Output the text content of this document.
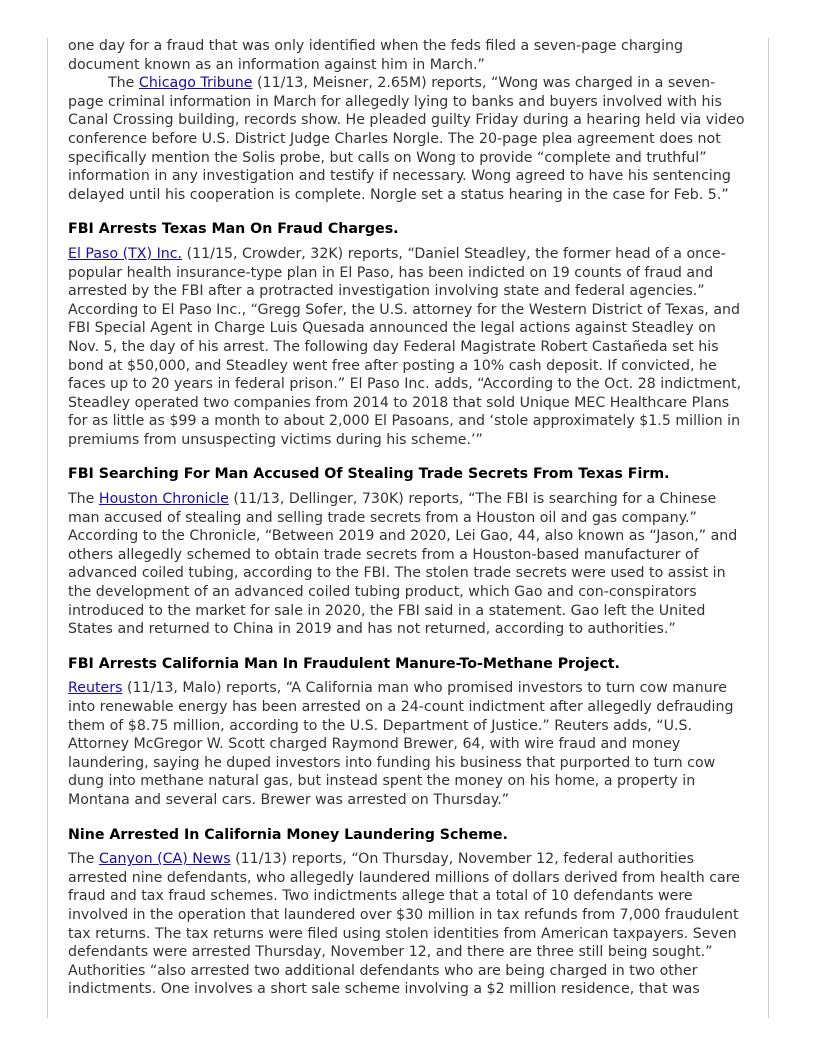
one day for a fraud that was only identified when the feds filed a seven-page charging document known as an information against him in March.”

The Chicago Tribune (11/13, Meisner, 2.65M) reports, “Wong was charged in a seven-page criminal information in March for allegedly lying to banks and buyers involved with his Canal Crossing building, records show. He pleaded guilty Friday during a hearing held via video conference before U.S. District Judge Charles Norgle. The 20-page plea agreement does not specifically mention the Solis probe, but calls on Wong to provide “complete and truthful” information in any investigation and testify if necessary. Wong agreed to have his sentencing delayed until his cooperation is complete. Norgle set a status hearing in the case for Feb. 5.”

FBI Arrests Texas Man On Fraud Charges.

El Paso (TX) Inc. (11/15, Crowder, 32K) reports, “Daniel Steadley, the former head of a once-popular health insurance-type plan in El Paso, has been indicted on 19 counts of fraud and arrested by the FBI after a protracted investigation involving state and federal agencies.” According to El Paso Inc., “Gregg Sofer, the U.S. attorney for the Western District of Texas, and FBI Special Agent in Charge Luis Quesada announced the legal actions against Steadley on Nov. 5, the day of his arrest. The following day Federal Magistrate Robert Castañeda set his bond at $50,000, and Steadley went free after posting a 10% cash deposit. If convicted, he faces up to 20 years in federal prison.” El Paso Inc. adds, “According to the Oct. 28 indictment, Steadley operated two companies from 2014 to 2018 that sold Unique MEC Healthcare Plans for as little as $99 a month to about 2,000 El Pasoans, and ‘stole approximately $1.5 million in premiums from unsuspecting victims during his scheme.’”

FBI Searching For Man Accused Of Stealing Trade Secrets From Texas Firm.

The Houston Chronicle (11/13, Dellinger, 730K) reports, “The FBI is searching for a Chinese man accused of stealing and selling trade secrets from a Houston oil and gas company.” According to the Chronicle, “Between 2019 and 2020, Lei Gao, 44, also known as “Jason,” and others allegedly schemed to obtain trade secrets from a Houston-based manufacturer of advanced coiled tubing, according to the FBI. The stolen trade secrets were used to assist in the development of an advanced coiled tubing product, which Gao and con-conspirators introduced to the market for sale in 2020, the FBI said in a statement. Gao left the United States and returned to China in 2019 and has not returned, according to authorities.”

FBI Arrests California Man In Fraudulent Manure-To-Methane Project.

Reuters (11/13, Malo) reports, “A California man who promised investors to turn cow manure into renewable energy has been arrested on a 24-count indictment after allegedly defrauding them of $8.75 million, according to the U.S. Department of Justice.” Reuters adds, “U.S. Attorney McGregor W. Scott charged Raymond Brewer, 64, with wire fraud and money laundering, saying he duped investors into funding his business that purported to turn cow dung into methane natural gas, but instead spent the money on his home, a property in Montana and several cars. Brewer was arrested on Thursday.”

Nine Arrested In California Money Laundering Scheme.

The Canyon (CA) News (11/13) reports, “On Thursday, November 12, federal authorities arrested nine defendants, who allegedly laundered millions of dollars derived from health care fraud and tax fraud schemes. Two indictments allege that a total of 10 defendants were involved in the operation that laundered over $30 million in tax refunds from 7,000 fraudulent tax returns. The tax returns were filed using stolen identities from American taxpayers. Seven defendants were arrested Thursday, November 12, and there are three still being sought.” Authorities “also arrested two additional defendants who are being charged in two other indictments. One involves a short sale scheme involving a $2 million residence, that was
